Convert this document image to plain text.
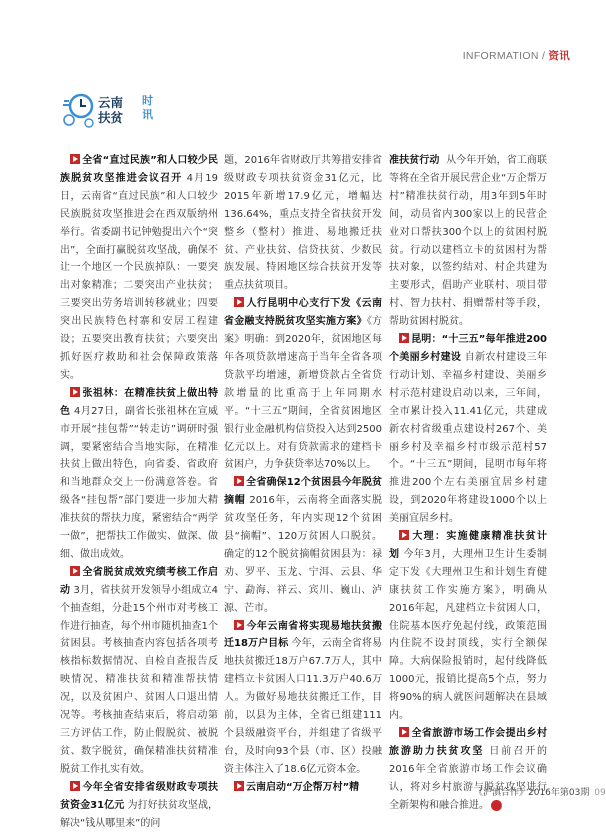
INFORMATION / 资讯
云南
扶贫
时讯

全省“直过民族”和人口较少民族脱贫攻坚推进会议召开 4月19日，云南省“直过民族”和人口较少民族脱贫攻坚推进会在西双版纳州举行。省委副书记钟勉提出六个“突出”，全面打赢脱贫攻坚战，确保不让一个地区一个民族掉队：一要突出对象精准；二要突出产业扶贫；三要突出劳务培训转移就业；四要突出民族特色村寨和安居工程建设；五要突出教育扶贫；六要突出抓好医疗救助和社会保障政策落实。

张祖林：在精准扶贫上做出特色 4月27日，副省长张祖林在宣威市开展“挂包帮”“转走访”调研时强调，要紧密结合当地实际，在精准扶贫上做出特色，向省委、省政府和当地群众交上一份满意答卷。省级各“挂包帮”部门要进一步加大精准扶贫的帮扶力度，紧密结合“两学一做”，把帮扶工作做实、做深、做细、做出成效。

全省脱贫成效究绩考核工作启动 3月，省扶贫开发领导小组成立4个抽查组，分赴15个州市对考核工作进行抽查，每个州市随机抽查1个贫困县。考核抽查内容包括各项考核指标数据情况、自检自查报告反映情况、精准扶贫和精准帮扶情况，以及贫困户、贫困人口退出情况等。考核抽查结束后，将启动第三方评估工作，防止假脱贫、被脱贫、数字脱贫，确保精准扶贫精准脱贫工作扎实有效。

今年全省安排省级财政专项扶贫资金31亿元 为打好扶贫攻坚战，解决“钱从哪里来”的问

题，2016年省财政厅共筹措安排省级财政专项扶贫资金31亿元，比2015年新增17.9亿元，增幅达136.64%，重点支持全省扶贫开发整乡（整村）推进、易地搬迁扶贫、产业扶贫、信贷扶贫、少数民族发展、特困地区综合扶贫开发等重点扶贫项目。

人行昆明中心支行下发《云南省金融支持脱贫攻坚实施方案》《方案》明确：到2020年，贫困地区每年各项贷款增速高于当年全省各项贷款平均增速，新增贷款占全省贷款增量的比重高于上年同期水平。“十三五”期间，全省贫困地区银行业金融机构信贷投入达到2500亿元以上。对有贷款需求的建档卡贫困户，力争获贷率达70%以上。

全省确保12个贫困县今年脱贫摘帽 2016年，云南将全面落实脱贫攻坚任务，年内实现12个贫困县“摘帽”、120万贫困人口脱贫。确定的12个脱贫摘帽贫困县为：禄劝、罗平、玉龙、宁洱、云县、华宁、勐海、祥云、宾川、巍山、泸源、芒市。

今年云南省将实现易地扶贫搬迁18万户目标 今年，云南全省将易地扶贫搬迁18万户67.7万人，其中建档立卡贫困人口11.3万户40.6万人。为做好易地扶贫搬迁工作，目前，以县为主体，全省已组建111个县级融资平台，并组建了省级平台，及时向93个县（市、区）投融资主体注入了18.6亿元资本金。

云南启动“万企帮万村”精

准扶贫行动 从今年开始，省工商联等将在全省开展民营企业“万企帮万村”精准扶贫行动，用3年到5年时间，动员省内300家以上的民营企业对口帮扶300个以上的贫困村脱贫。行动以建档立卡的贫困村为帮扶对象，以签约结对、村企共建为主要形式，倡助产业联村、项目带村、智力扶村、捐赠帮村等手段，帮助贫困村脱贫。

昆明：“十三五”每年推进200个美丽乡村建设 自新农村建设三年行动计划、幸福乡村建设、美丽乡村示范村建设启动以来，三年间，全市累计投入11.41亿元，共建成新农村省级重点建设村267个、美丽乡村及幸福乡村市级示范村57个。“十三五”期间，昆明市每年将推进200个左右美丽宜居乡村建设，到2020年将建设1000个以上美丽宜居乡村。

大理：实施健康精准扶贫计划 今年3月，大理州卫生计生委制定下发《大理州卫生和计划生育健康扶贫工作实施方案》，明确从2016年起，凡建档立卡贫困人口，住院基本医疗免起付线，政策范围内住院不设封顶线，实行全额保障。大病保险报销时，起付线降低1000元，报销比提高5个点，努力将90%的病人就医问题解决在县域内。

全省旅游市场工作会提出乡村旅游助力扶贫攻坚 日前召开的2016年全省旅游市场工作会议确认，将对乡村旅游与脱贫攻坚进行全新架构和融合推进。 ■

《沪滇合作》2016年第03期 09
